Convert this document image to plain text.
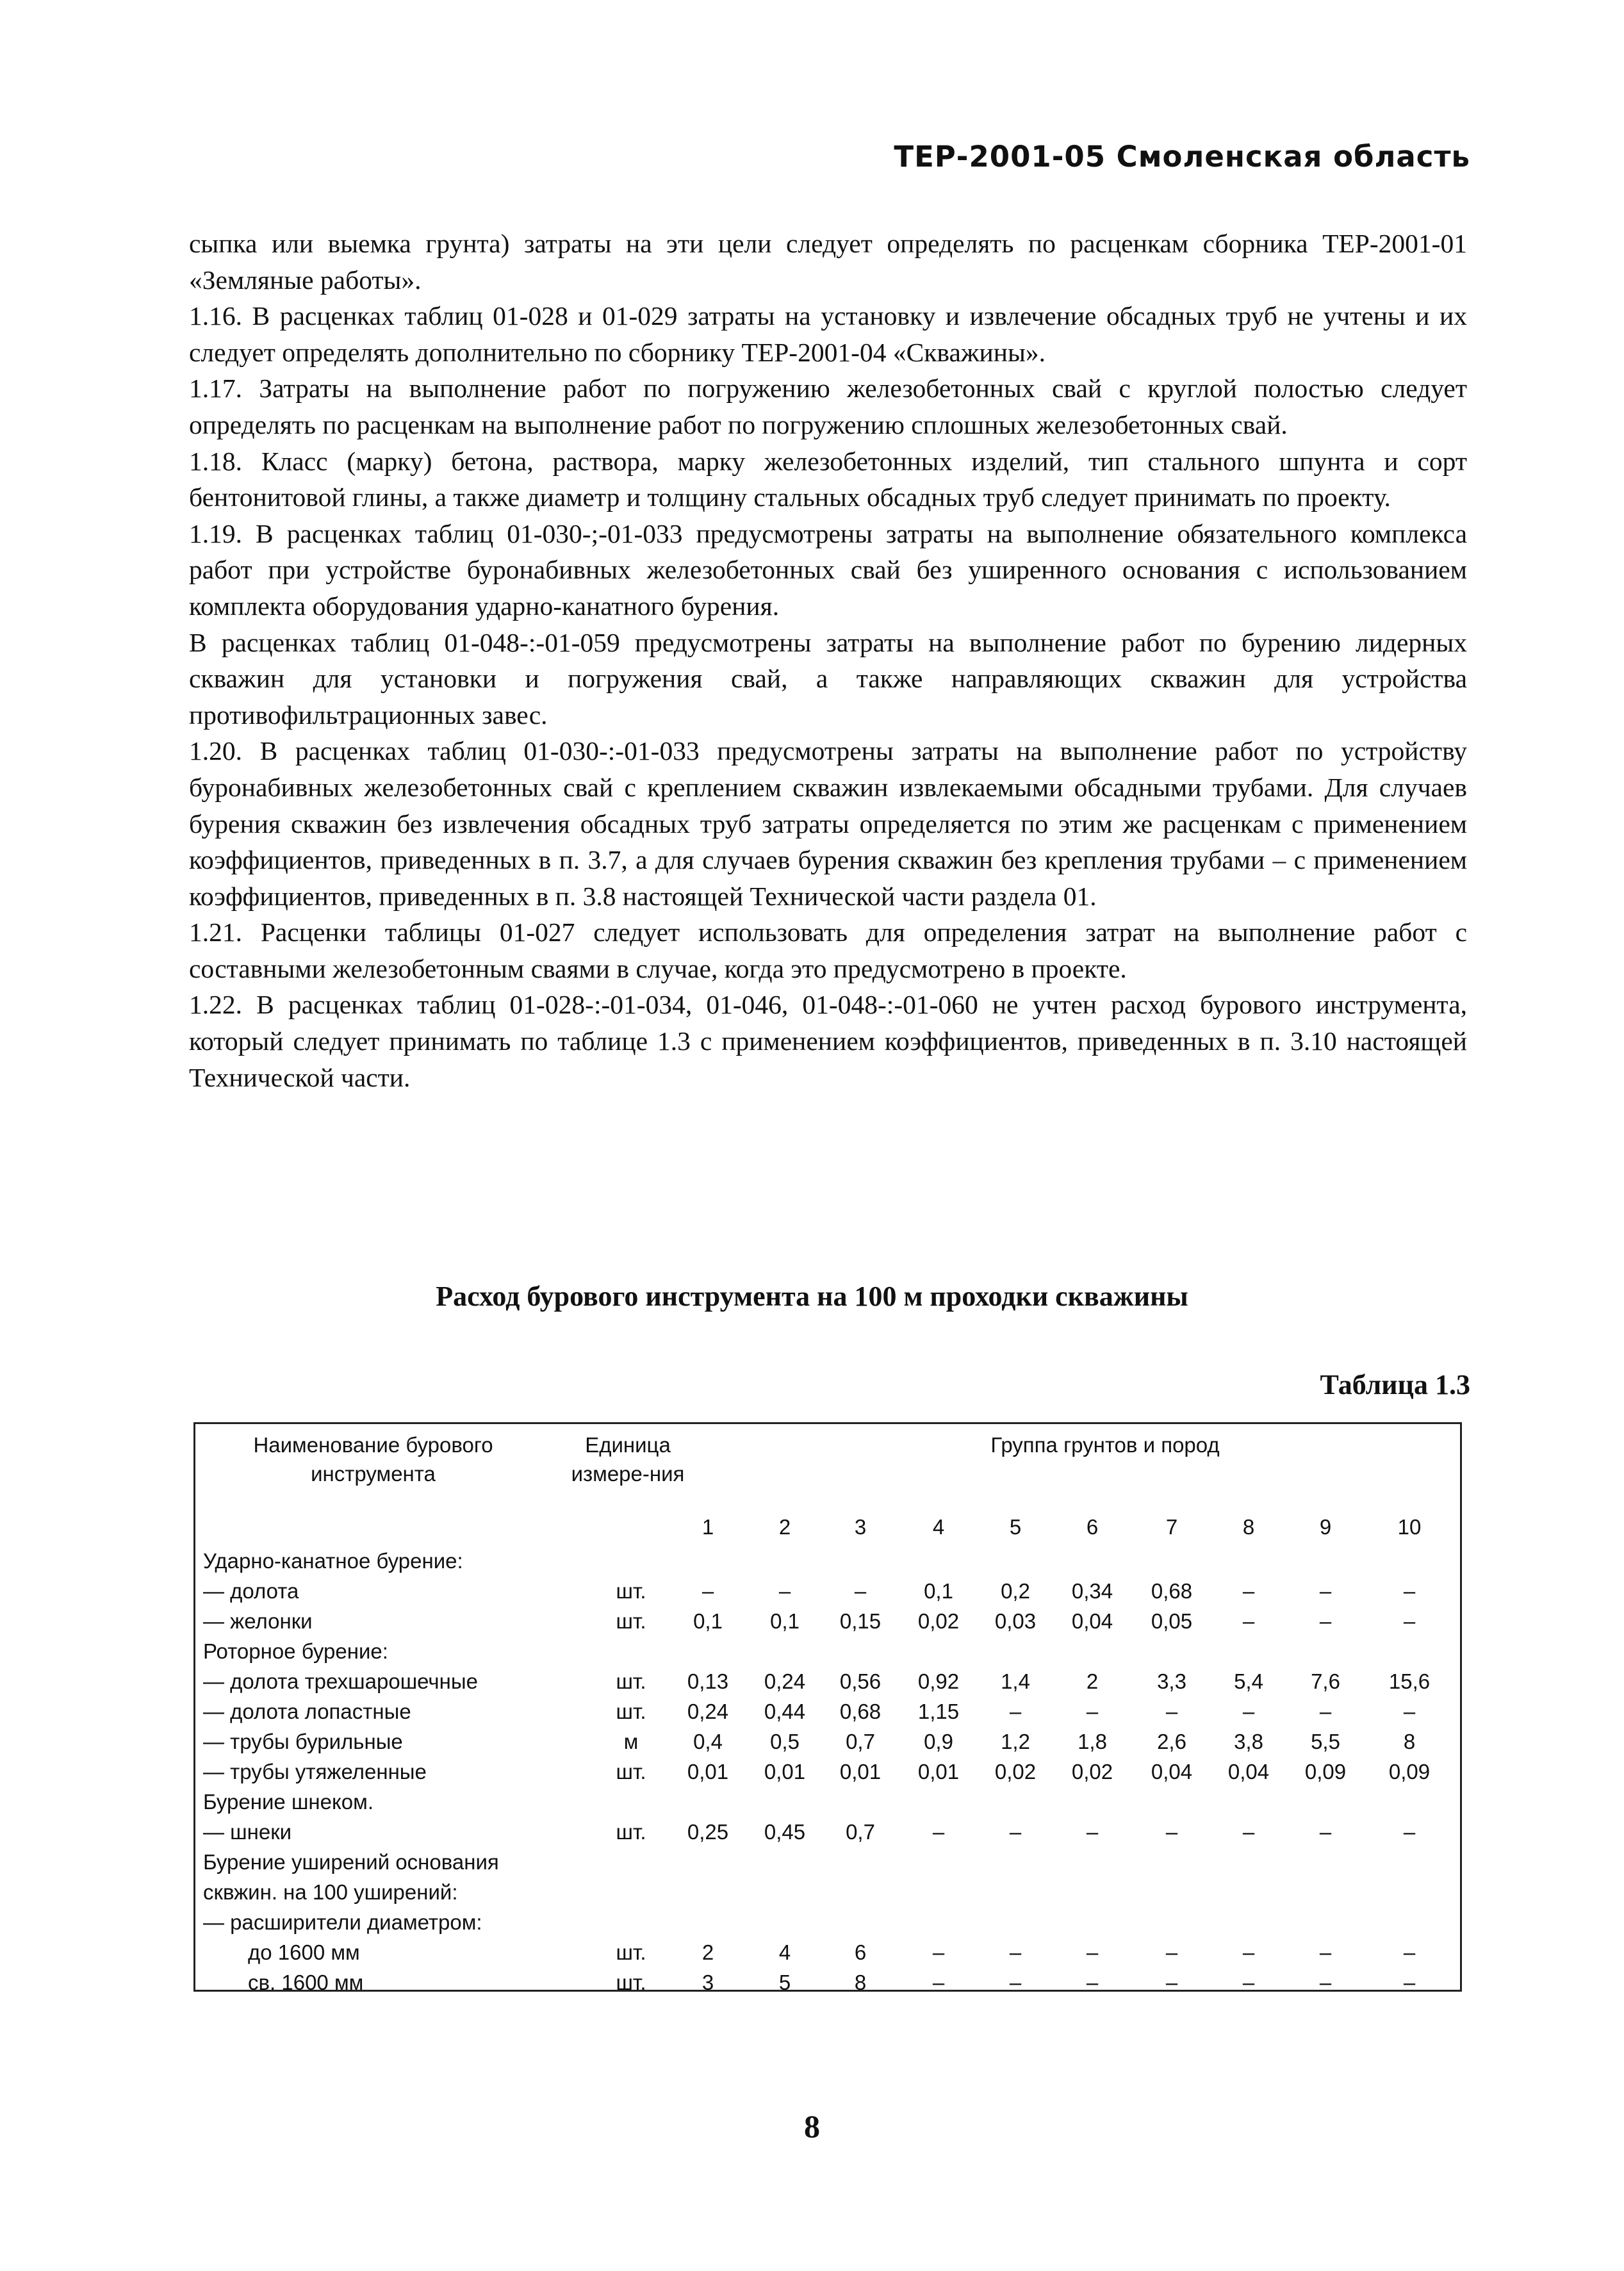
ТЕР-2001-05 Смоленская область

сыпка или выемка грунта) затраты на эти цели следует определять по расценкам сборника ТЕР-2001-01 «Земляные работы».

1.16. В расценках таблиц 01-028 и 01-029 затраты на установку и извлечение обсадных труб не учтены и их следует определять дополнительно по сборнику ТЕР-2001-04 «Скважины».

1.17. Затраты на выполнение работ по погружению железобетонных свай с круглой полостью следует определять по расценкам на выполнение работ по погружению сплошных железобетонных свай.

1.18. Класс (марку) бетона, раствора, марку железобетонных изделий, тип стального шпунта и сорт бентонитовой глины, а также диаметр и толщину стальных обсадных труб следует принимать по проекту.

1.19. В расценках таблиц 01-030-;-01-033 предусмотрены затраты на выполнение обязательного комплекса работ при устройстве буронабивных железобетонных свай без уширенного основания с использованием комплекта оборудования ударно-канатного бурения.

В расценках таблиц 01-048-:-01-059 предусмотрены затраты на выполнение работ по бурению лидерных скважин для установки и погружения свай, а также направляющих скважин для устройства противофильтрационных завес.

1.20. В расценках таблиц 01-030-:-01-033 предусмотрены затраты на выполнение работ по устройству буронабивных железобетонных свай с креплением скважин извлекаемыми обсадными трубами. Для случаев бурения скважин без извлечения обсадных труб затраты определяется по этим же расценкам с применением коэффициентов, приведенных в п. 3.7, а для случаев бурения скважин без крепления трубами – с применением коэффициентов, приведенных в п. 3.8 настоящей Технической части раздела 01.

1.21. Расценки таблицы 01-027 следует использовать для определения затрат на выполнение работ с составными железобетонным сваями в случае, когда это предусмотрено в проекте.

1.22. В расценках таблиц 01-028-:-01-034, 01-046, 01-048-:-01-060 не учтен расход бурового инструмента, который следует принимать по таблице 1.3 с применением коэффициентов, приведенных в п. 3.10 настоящей Технической части.

Расход бурового инструмента на 100 м проходки скважины
Таблица 1.3
Наименование бурового инструмента
Единица измере-ния
Группа грунтов и пород
1	2	3	4	5	6	7	8	9	10
Ударно-канатное бурение:
— долота	шт.	–	–	–	0,1	0,2	0,34	0,68	–	–	–
— желонки	шт.	0,1	0,1	0,15	0,02	0,03	0,04	0,05	–	–	–
Роторное бурение:
— долота трехшарошечные	шт.	0,13	0,24	0,56	0,92	1,4	2	3,3	5,4	7,6	15,6
— долота лопастные	шт.	0,24	0,44	0,68	1,15	–	–	–	–	–	–
— трубы бурильные	м	0,4	0,5	0,7	0,9	1,2	1,8	2,6	3,8	5,5	8
— трубы утяжеленные	шт.	0,01	0,01	0,01	0,01	0,02	0,02	0,04	0,04	0,09	0,09
Бурение шнеком.
— шнеки	шт.	0,25	0,45	0,7	–	–	–	–	–	–	–
Бурение уширений основания
сквжин. на 100 уширений:
— расширители диаметром:
до 1600 мм	шт.	2	4	6	–	–	–	–	–	–	–
св. 1600 мм	шт.	3	5	8	–	–	–	–	–	–	–
8
